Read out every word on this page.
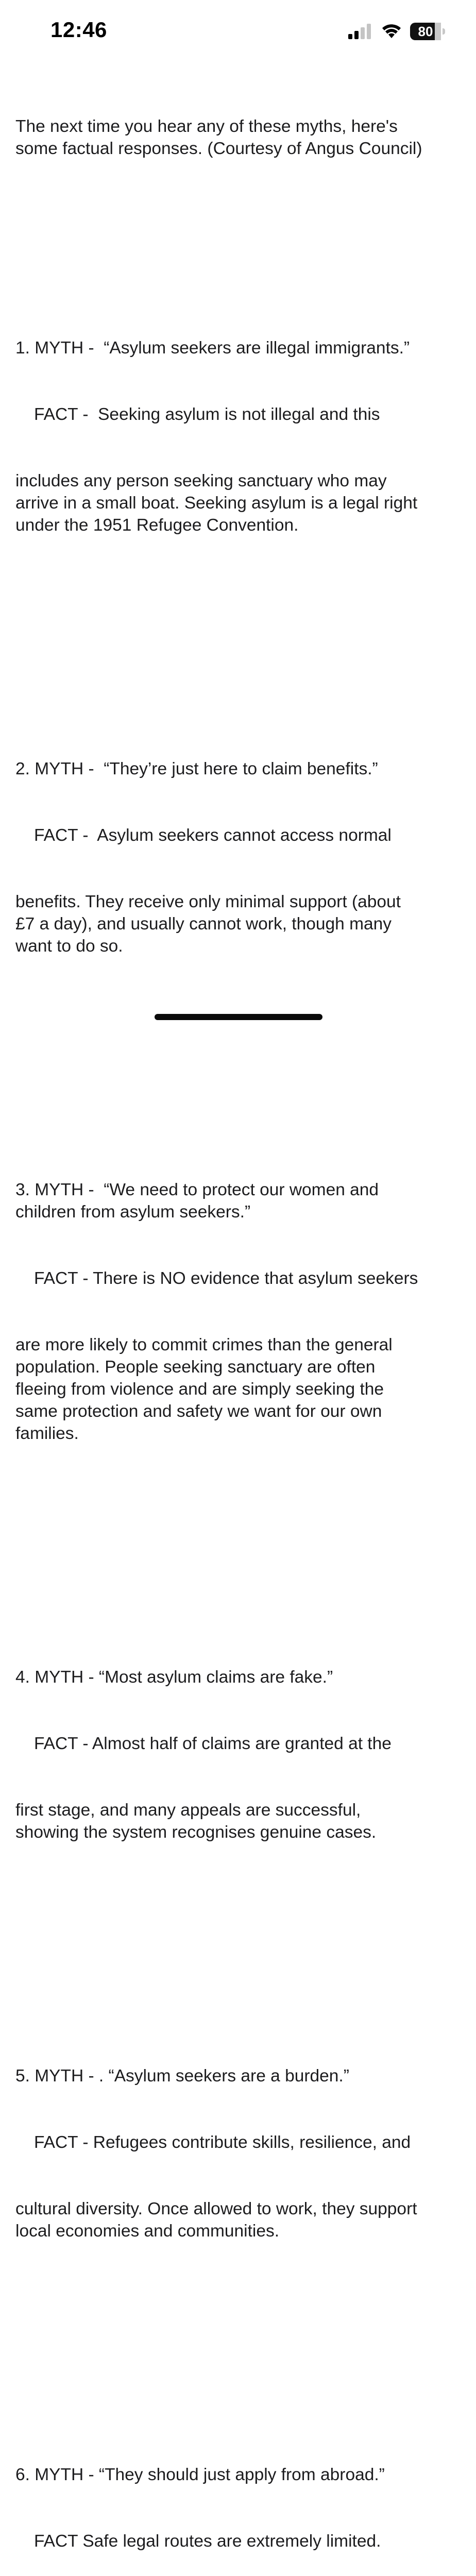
12:46	80

The next time you hear any of these myths, here's
some factual responses. (Courtesy of Angus Council)

1. MYTH -  “Asylum seekers are illegal immigrants.”

FACT -  Seeking asylum is not illegal and this

includes any person seeking sanctuary who may
arrive in a small boat. Seeking asylum is a legal right
under the 1951 Refugee Convention.

2. MYTH -  “They’re just here to claim benefits.”

FACT -  Asylum seekers cannot access normal

benefits. They receive only minimal support (about
£7 a day), and usually cannot work, though many
want to do so.

3. MYTH -  “We need to protect our women and
children from asylum seekers.”

FACT - There is NO evidence that asylum seekers

are more likely to commit crimes than the general
population. People seeking sanctuary are often
fleeing from violence and are simply seeking the
same protection and safety we want for our own
families.

4. MYTH - “Most asylum claims are fake.”

FACT - Almost half of claims are granted at the

first stage, and many appeals are successful,
showing the system recognises genuine cases.

5. MYTH - . “Asylum seekers are a burden.”

FACT - Refugees contribute skills, resilience, and

cultural diversity. Once allowed to work, they support
local economies and communities.

6. MYTH - “They should just apply from abroad.”

FACT Safe legal routes are extremely limited.
